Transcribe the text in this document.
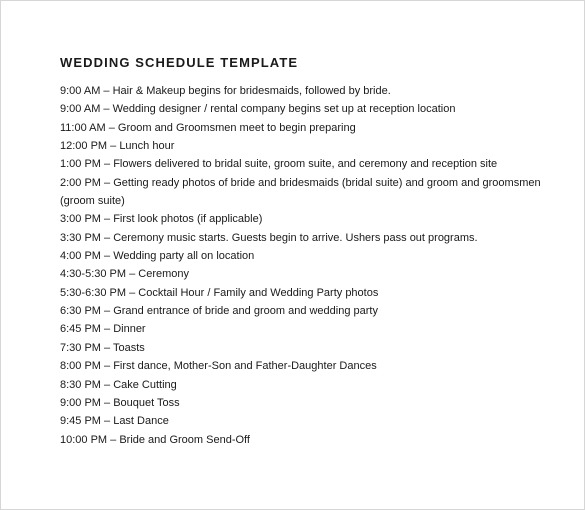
WEDDING SCHEDULE TEMPLATE
9:00 AM – Hair & Makeup begins for bridesmaids, followed by bride.
9:00 AM – Wedding designer / rental company begins set up at reception location
11:00 AM – Groom and Groomsmen meet to begin preparing
12:00 PM – Lunch hour
1:00 PM – Flowers delivered to bridal suite, groom suite, and ceremony and reception site
2:00 PM – Getting ready photos of bride and bridesmaids (bridal suite) and groom and groomsmen (groom suite)
3:00 PM – First look photos (if applicable)
3:30 PM – Ceremony music starts. Guests begin to arrive. Ushers pass out programs.
4:00 PM – Wedding party all on location
4:30-5:30 PM – Ceremony
5:30-6:30 PM – Cocktail Hour / Family and Wedding Party photos
6:30 PM – Grand entrance of bride and groom and wedding party
6:45 PM – Dinner
7:30 PM – Toasts
8:00 PM – First dance, Mother-Son and Father-Daughter Dances
8:30 PM – Cake Cutting
9:00 PM – Bouquet Toss
9:45 PM – Last Dance
10:00 PM – Bride and Groom Send-Off
